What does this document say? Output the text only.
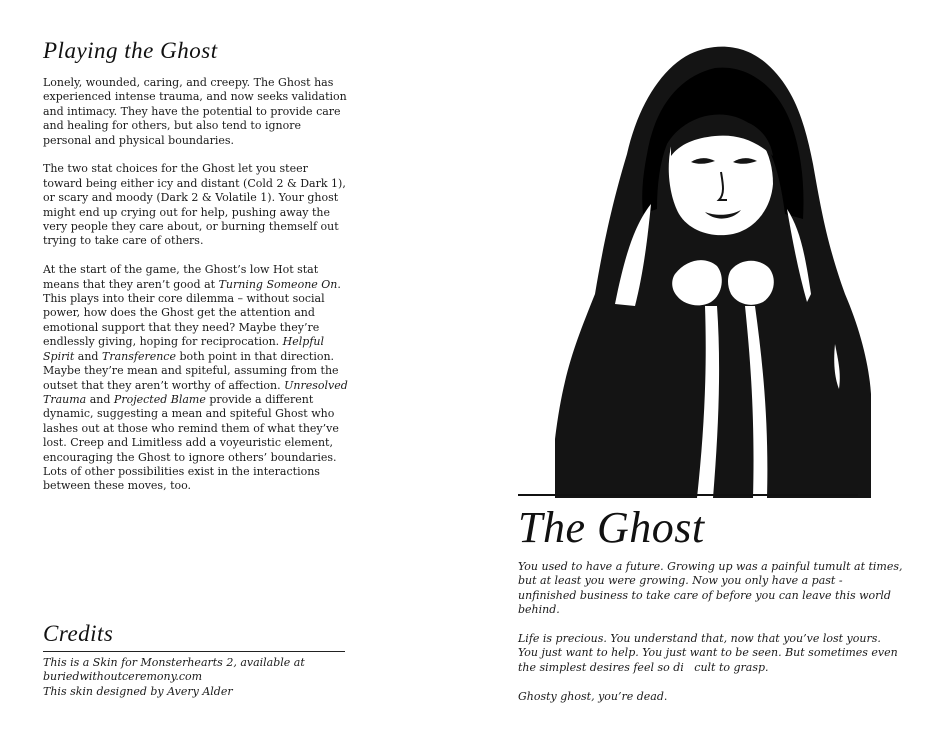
Playing the Ghost

Lonely, wounded, caring, and creepy. The Ghost has experienced intense trauma, and now seeks validation and intimacy. They have the potential to provide care and healing for others, but also tend to ignore personal and physical boundaries.

The two stat choices for the Ghost let you steer toward being either icy and distant (Cold 2 & Dark 1), or scary and moody (Dark 2 & Volatile 1). Your ghost might end up crying out for help, pushing away the very people they care about, or burning themself out trying to take care of others.

At the start of the game, the Ghost’s low Hot stat means that they aren’t good at Turning Someone On. This plays into their core dilemma – without social power, how does the Ghost get the attention and emotional support that they need? Maybe they’re endlessly giving, hoping for reciprocation. Helpful Spirit and Transference both point in that direction. Maybe they’re mean and spiteful, assuming from the outset that they aren’t worthy of affection. Unresolved Trauma and Projected Blame provide a different dynamic, suggesting a mean and spiteful Ghost who lashes out at those who remind them of what they’ve lost. Creep and Limitless add a voyeuristic element, encouraging the Ghost to ignore others’ boundaries. Lots of other possibilities exist in the interactions between these moves, too.

Credits

This is a Skin for Monsterhearts 2, available at buriedwithoutceremony.com

This skin designed by Avery Alder

The Ghost

You used to have a future. Growing up was a painful tumult at times, but at least you were growing. Now you only have a past - unfinished business to take care of before you can leave this world behind.

Life is precious. You understand that, now that you’ve lost yours. You just want to help. You just want to be seen. But sometimes even the simplest desires feel so di   cult to grasp.

Ghosty ghost, you’re dead.
